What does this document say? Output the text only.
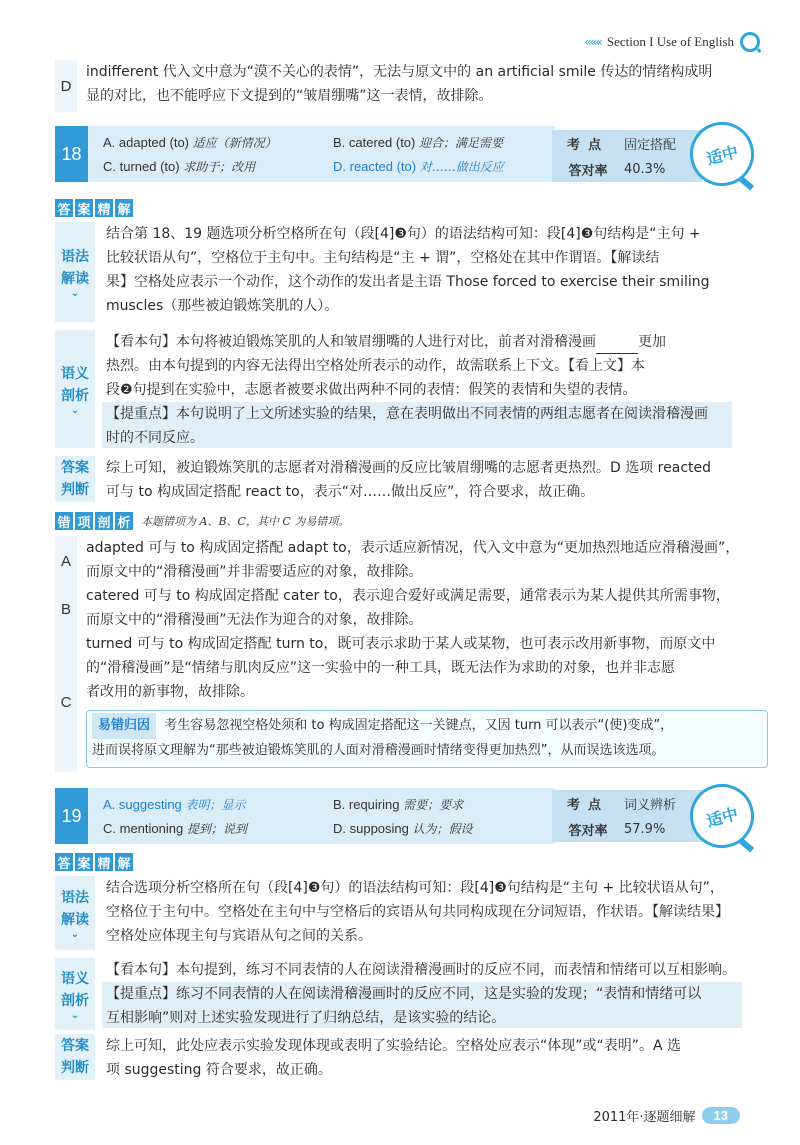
‹‹‹‹‹‹ Section I Use of English
D
indifferent 代入文中意为“漠不关心的表情”，无法与原文中的 an artificial smile 传达的情绪构成明
显的对比，也不能呼应下文提到的“皱眉绷嘴”这一表情，故排除。
18
A. adapted (to) 适应（新情况）	B. catered (to) 迎合；满足需要
C. turned (to) 求助于；改用	D. reacted (to) 对……做出反应
考点	固定搭配
答对率	40.3%
适中
答 案 精 解
语法
解读
⌄
结合第 18、19 题选项分析空格所在句（段[4]❸句）的语法结构可知：段[4]❸句结构是“主句 +
比较状语从句”，空格位于主句中。主句结构是“主 + 谓”，空格处在其中作谓语。【解读结
果】空格处应表示一个动作，这个动作的发出者是主语 Those forced to exercise their smiling
muscles（那些被迫锻炼笑肌的人）。
语义
剖析
⌄
【看本句】本句将被迫锻炼笑肌的人和皱眉绷嘴的人进行对比，前者对滑稽漫画	更加
热烈。由本句提到的内容无法得出空格处所表示的动作，故需联系上下文。【看上文】本
段❷句提到在实验中，志愿者被要求做出两种不同的表情：假笑的表情和失望的表情。
【提重点】本句说明了上文所述实验的结果，意在表明做出不同表情的两组志愿者在阅读滑稽漫画
时的不同反应。
答案
判断
综上可知，被迫锻炼笑肌的志愿者对滑稽漫画的反应比皱眉绷嘴的志愿者更热烈。D 选项 reacted
可与 to 构成固定搭配 react to，表示“对……做出反应”，符合要求，故正确。
错 项 剖 析 本题错项为 A、B、C，其中 C 为易错项。
A
adapted 可与 to 构成固定搭配 adapt to，表示适应新情况，代入文中意为“更加热烈地适应滑稽漫画”，
而原文中的“滑稽漫画”并非需要适应的对象，故排除。
B
catered 可与 to 构成固定搭配 cater to，表示迎合爱好或满足需要，通常表示为某人提供其所需事物，
而原文中的“滑稽漫画”无法作为迎合的对象，故排除。
C
turned 可与 to 构成固定搭配 turn to，既可表示求助于某人或某物，也可表示改用新事物，而原文中
的“滑稽漫画”是“情绪与肌肉反应”这一实验中的一种工具，既无法作为求助的对象，也并非志愿
者改用的新事物，故排除。
易错归因 考生容易忽视空格处须和 to 构成固定搭配这一关键点，又因 turn 可以表示“(使)变成”，
进而误将原文理解为“那些被迫锻炼笑肌的人面对滑稽漫画时情绪变得更加热烈”，从而误选该选项。
19
A. suggesting 表明；显示	B. requiring 需要；要求
C. mentioning 提到；说到	D. supposing 认为；假设
考点	词义辨析
答对率	57.9%	适中
答 案 精 解
语法
解读
⌄
结合选项分析空格所在句（段[4]❸句）的语法结构可知：段[4]❸句结构是“主句 + 比较状语从句”，
空格位于主句中。空格处在主句中与空格后的宾语从句共同构成现在分词短语，作状语。【解读结果】
空格处应体现主句与宾语从句之间的关系。
语义
剖析
⌄
【看本句】本句提到，练习不同表情的人在阅读滑稽漫画时的反应不同，而表情和情绪可以互相影响。
【提重点】练习不同表情的人在阅读滑稽漫画时的反应不同，这是实验的发现；“表情和情绪可以
互相影响”则对上述实验发现进行了归纳总结，是该实验的结论。
答案
判断
综上可知，此处应表示实验发现体现或表明了实验结论。空格处应表示“体现”或“表明”。A 选
项 suggesting 符合要求，故正确。
2011年·逐题细解	13
